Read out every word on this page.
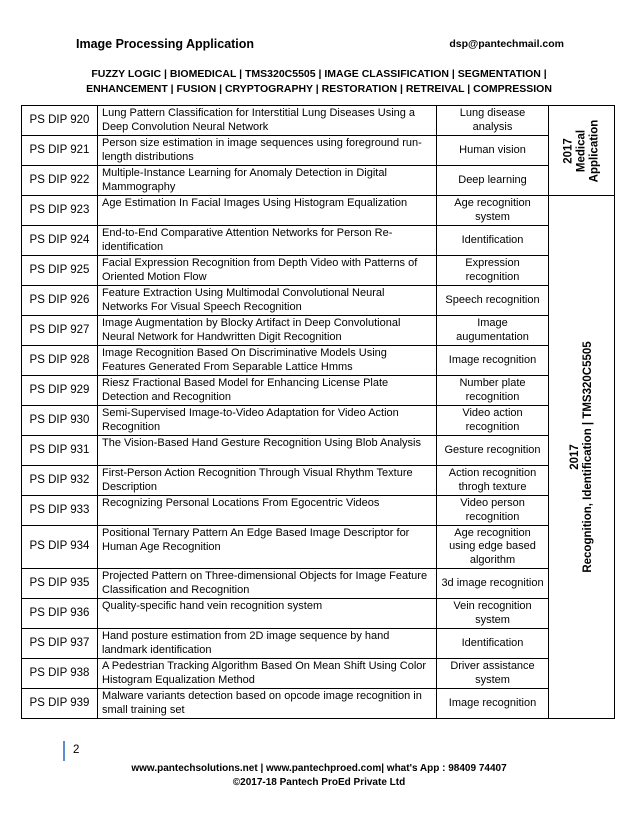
Image Processing Application	dsp@pantechmail.com
FUZZY LOGIC | BIOMEDICAL | TMS320C5505 | IMAGE CLASSIFICATION | SEGMENTATION |
ENHANCEMENT | FUSION | CRYPTOGRAPHY | RESTORATION | RETREIVAL | COMPRESSION
PS DIP 920	Lung Pattern Classification for Interstitial Lung Diseases Using a Deep Convolution Neural Network	Lung disease analysis	2017 Medical Application

PS DIP 921	Person size estimation in image sequences using foreground run-length distributions	Human vision	
PS DIP 922	Multiple-Instance Learning for Anomaly Detection in Digital Mammography	Deep learning	
PS DIP 923	Age Estimation In Facial Images Using Histogram Equalization	Age recognition system	2017 Recognition, Identification | TMS320C5505

PS DIP 924	End-to-End Comparative Attention Networks for Person Re-identification	Identification	
PS DIP 925	Facial Expression Recognition from Depth Video with Patterns of Oriented Motion Flow	Expression recognition	
PS DIP 926	Feature Extraction Using Multimodal Convolutional Neural Networks For Visual Speech Recognition	Speech recognition	
PS DIP 927	Image Augmentation by Blocky Artifact in Deep Convolutional Neural Network for Handwritten Digit Recognition	Image augumentation	
PS DIP 928	Image Recognition Based On Discriminative Models Using Features Generated From Separable Lattice Hmms	Image recognition	
PS DIP 929	Riesz Fractional Based Model for Enhancing License Plate Detection and Recognition	Number plate recognition	
PS DIP 930	Semi-Supervised Image-to-Video Adaptation for Video Action Recognition	Video action recognition	
PS DIP 931	The Vision-Based Hand Gesture Recognition Using Blob Analysis	Gesture recognition	
PS DIP 932	First-Person Action Recognition Through Visual Rhythm Texture Description	Action recognition throgh texture	
PS DIP 933	Recognizing Personal Locations From Egocentric Videos	Video person recognition	
PS DIP 934	Positional Ternary Pattern An Edge Based Image Descriptor for Human Age Recognition	Age recognition using edge based algorithm	
PS DIP 935	Projected Pattern on Three-dimensional Objects for Image Feature Classification and Recognition	3d image recognition	
PS DIP 936	Quality-specific hand vein recognition system	Vein recognition system	
PS DIP 937	Hand posture estimation from 2D image sequence by hand landmark identification	Identification	
PS DIP 938	A Pedestrian Tracking Algorithm Based On Mean Shift Using Color Histogram Equalization Method	Driver assistance system	
PS DIP 939	Malware variants detection based on opcode image recognition in small training set	Image recognition	
2
www.pantechsolutions.net | www.pantechproed.com| what's App : 98409 74407
©2017-18 Pantech ProEd Private Ltd
